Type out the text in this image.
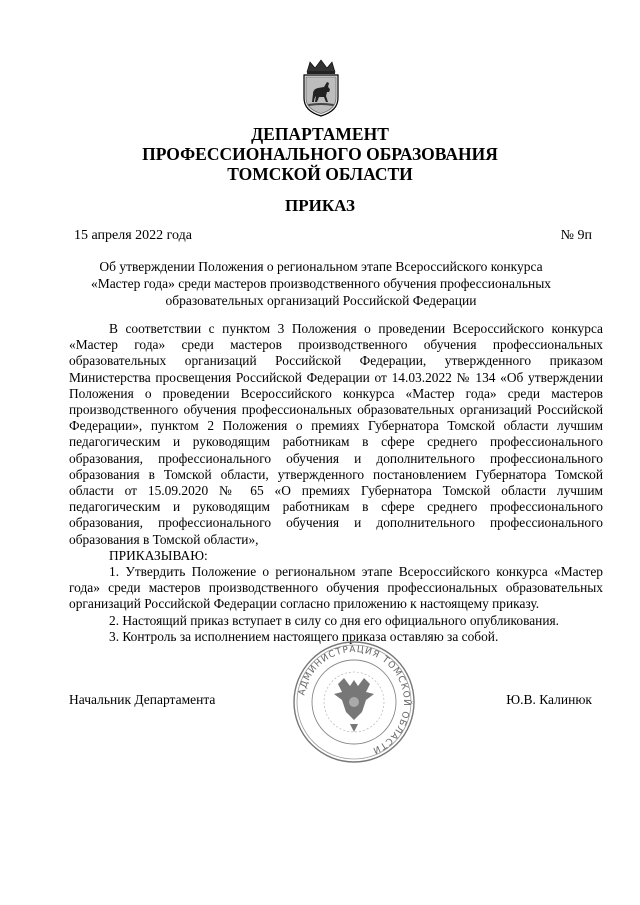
ДЕПАРТАМЕНТ
ПРОФЕССИОНАЛЬНОГО ОБРАЗОВАНИЯ
ТОМСКОЙ ОБЛАСТИ
ПРИКАЗ
15 апреля 2022 года	№ 9п
Об утверждении Положения о региональном этапе Всероссийского конкурса «Мастер года» среди мастеров производственного обучения профессиональных образовательных организаций Российской Федерации

В соответствии с пунктом 3 Положения о проведении Всероссийского конкурса «Мастер года» среди мастеров производственного обучения профессиональных образовательных организаций Российской Федерации, утвержденного приказом Министерства просвещения Российской Федерации от 14.03.2022 № 134 «Об утверждении Положения о проведении Всероссийского конкурса «Мастер года» среди мастеров производственного обучения профессиональных образовательных организаций Российской Федерации», пунктом 2 Положения о премиях Губернатора Томской области лучшим педагогическим и руководящим работникам в сфере среднего профессионального образования, профессионального обучения и дополнительного профессионального образования в Томской области, утвержденного постановлением Губернатора Томской области от 15.09.2020 № 65 «О премиях Губернатора Томской области лучшим педагогическим и руководящим работникам в сфере среднего профессионального образования, профессионального обучения и дополнительного профессионального образования в Томской области»,

ПРИКАЗЫВАЮ:

1. Утвердить Положение о региональном этапе Всероссийского конкурса «Мастер года» среди мастеров производственного обучения профессиональных образовательных организаций Российской Федерации согласно приложению к настоящему приказу.

2. Настоящий приказ вступает в силу со дня его официального опубликования.

3. Контроль за исполнением настоящего приказа оставляю за собой.

АДМИНИСТРАЦИЯ ТОМСКОЙ ОБЛАСТИ
Начальник Департамента	Ю.В. Калинюк
